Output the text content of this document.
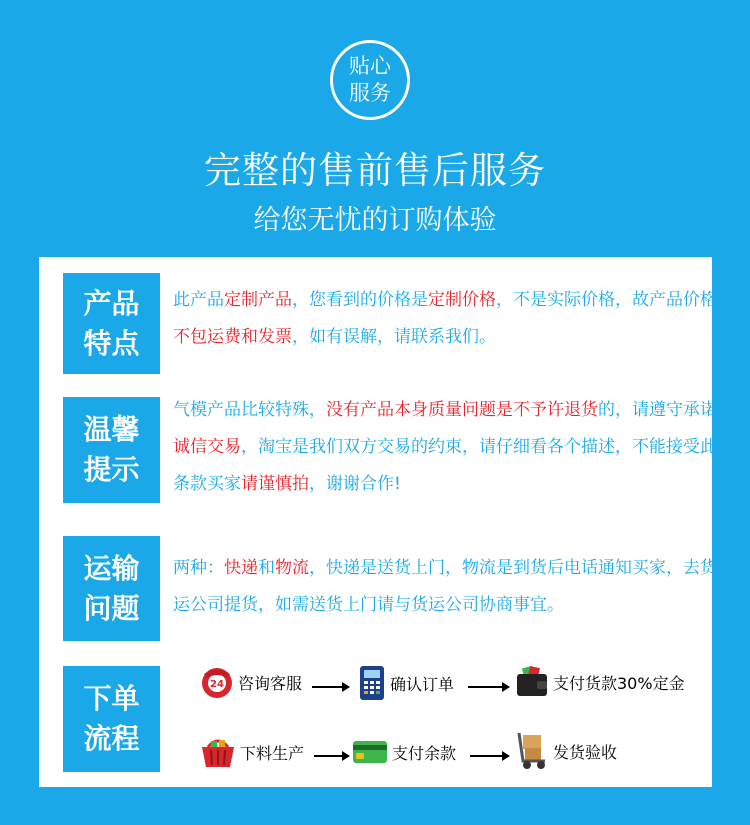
贴心
服务
完整的售前售后服务
给您无忧的订购体验
产品
特点
此产品定制产品，您看到的价格是定制价格，不是实际价格，故产品价格不包运费和发票，如有误解，请联系我们。
温馨
提示
气模产品比较特殊，没有产品本身质量问题是不予许退货的，请遵守承诺诚信交易，淘宝是我们双方交易的约束，请仔细看各个描述，不能接受此条款买家请谨慎拍，谢谢合作!
运输
问题
两种：快递和物流，快递是送货上门，物流是到货后电话通知买家，去货运公司提货，如需送货上门请与货运公司协商事宜。
下单
流程
24 咨询客服	确认订单	支付货款30%定金
下料生产	支付余款	发货验收
